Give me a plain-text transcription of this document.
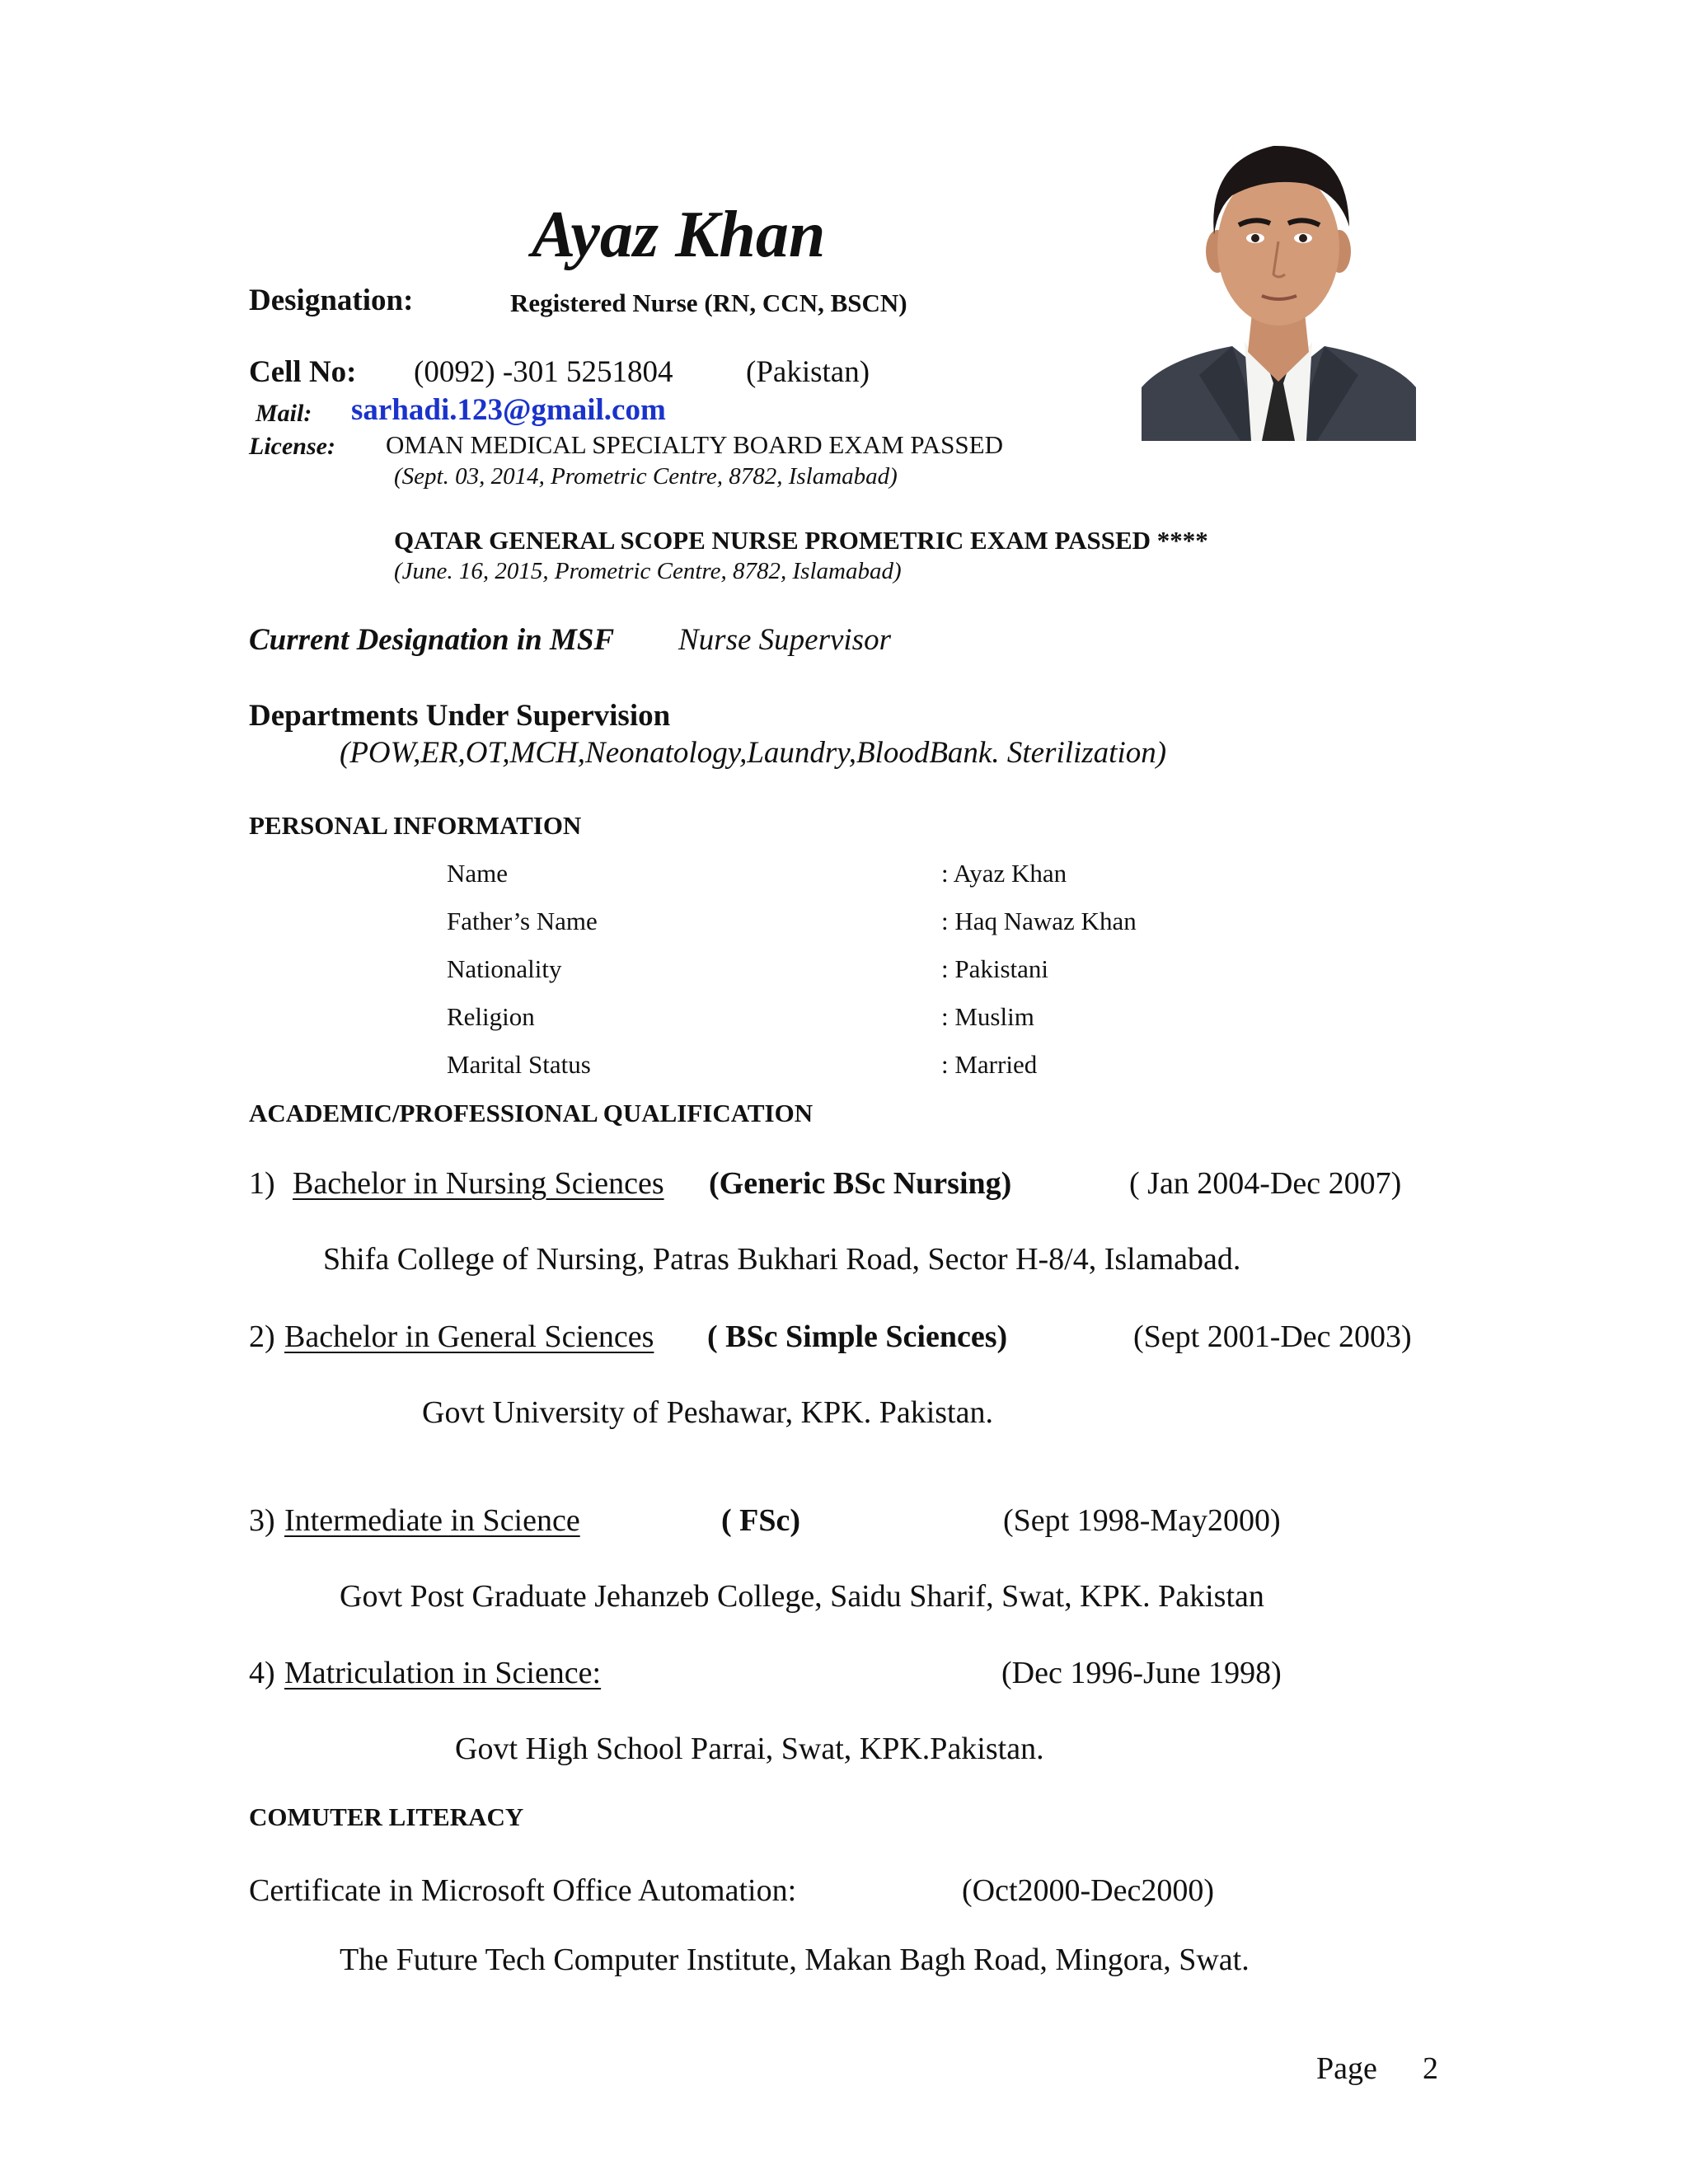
Ayaz Khan
Designation:	Registered Nurse (RN, CCN, BSCN)
Cell No: (0092) -301 5251804 (Pakistan)
Mail: sarhadi.123@gmail.com
License: OMAN MEDICAL SPECIALTY BOARD EXAM PASSED
(Sept. 03, 2014, Prometric Centre, 8782, Islamabad)
QATAR GENERAL SCOPE NURSE PROMETRIC EXAM PASSED ****
(June. 16, 2015, Prometric Centre, 8782, Islamabad)
Current Designation in MSF Nurse Supervisor
Departments Under Supervision
(POW,ER,OT,MCH,Neonatology,Laundry,BloodBank. Sterilization)
PERSONAL INFORMATION
Name	: Ayaz Khan
Father’s Name	: Haq Nawaz Khan
Nationality	: Pakistani
Religion	: Muslim
Marital Status	: Married
ACADEMIC/PROFESSIONAL QUALIFICATION
1) Bachelor in Nursing Sciences (Generic BSc Nursing)	( Jan 2004-Dec 2007)
Shifa College of Nursing, Patras Bukhari Road, Sector H-8/4, Islamabad.
2) Bachelor in General Sciences ( BSc Simple Sciences)	(Sept 2001-Dec 2003)
Govt University of Peshawar, KPK. Pakistan.
3) Intermediate in Science	( FSc)	(Sept 1998-May2000)
Govt Post Graduate Jehanzeb College, Saidu Sharif, Swat, KPK. Pakistan
4) Matriculation in Science:	(Dec 1996-June 1998)
Govt High School Parrai, Swat, KPK.Pakistan.
COMUTER LITERACY
Certificate in Microsoft Office Automation:	(Oct2000-Dec2000)
The Future Tech Computer Institute, Makan Bagh Road, Mingora, Swat.
Page 2
